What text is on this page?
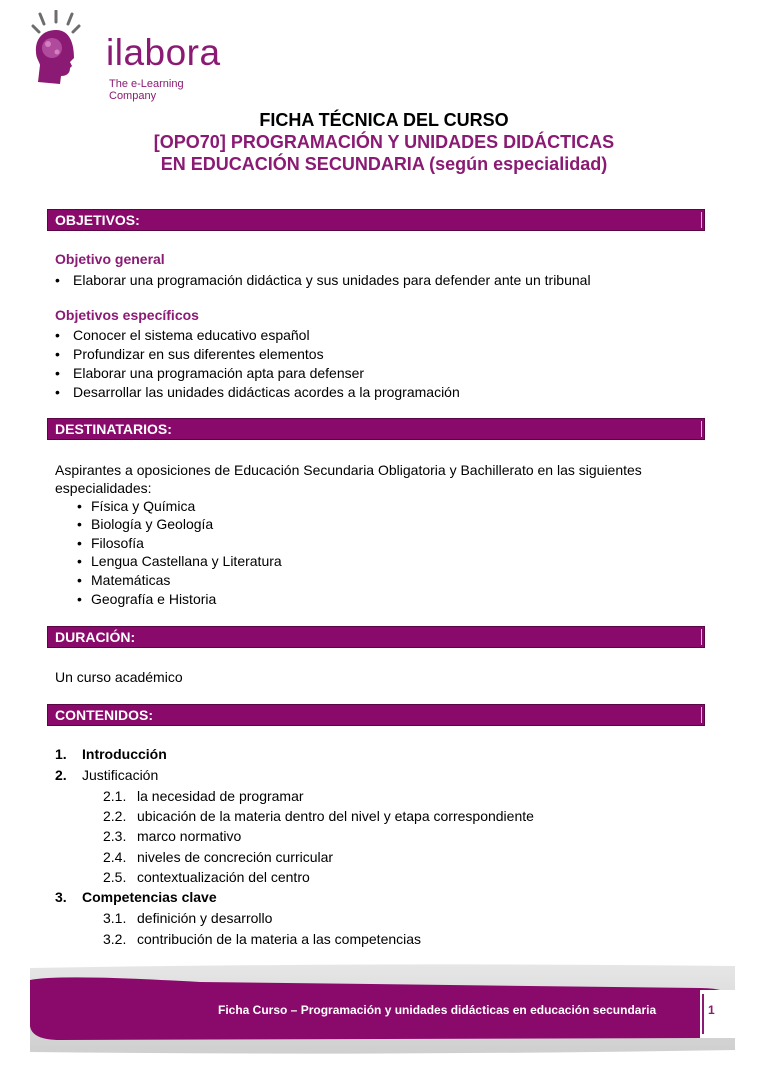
ilabora
The e-Learning Company
FICHA TÉCNICA DEL CURSO
[OPO70] PROGRAMACIÓN Y UNIDADES DIDÁCTICAS
EN EDUCACIÓN SECUNDARIA (según especialidad)
OBJETIVOS:
Objetivo general
• Elaborar una programación didáctica y sus unidades para defender ante un tribunal
Objetivos específicos
• Conocer el sistema educativo español
• Profundizar en sus diferentes elementos
• Elaborar una programación apta para defenser
• Desarrollar las unidades didácticas acordes a la programación
DESTINATARIOS:
Aspirantes a oposiciones de Educación Secundaria Obligatoria y Bachillerato en las siguientes
especialidades:
• Física y Química
• Biología y Geología
• Filosofía
• Lengua Castellana y Literatura
• Matemáticas
• Geografía e Historia
DURACIÓN:
Un curso académico
CONTENIDOS:
1. Introducción
2. Justificación
2.1. la necesidad de programar
2.2. ubicación de la materia dentro del nivel y etapa correspondiente
2.3. marco normativo
2.4. niveles de concreción curricular
2.5. contextualización del centro
3. Competencias clave
3.1. definición y desarrollo
3.2. contribución de la materia a las competencias
Ficha Curso – Programación y unidades didácticas en educación secundaria	1
